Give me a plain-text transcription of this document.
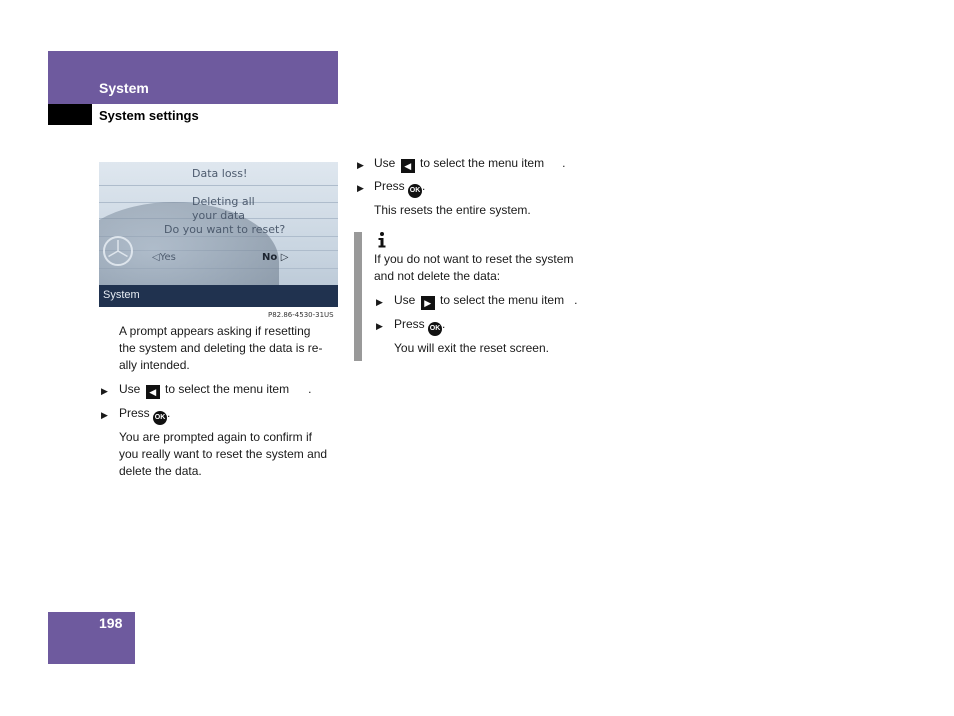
System
System settings
Data loss!
Deleting all
your data
Do you want to reset?
◁Yes	No ▷
System
P82.86-4530-31US
A prompt appears asking if resetting
the system and deleting the data is re-
ally intended.
▶ Use ◀ to select the menu item .
▶ Press OK .
You are prompted again to confirm if
you really want to reset the system and
delete the data.
▶ Use ◀ to select the menu item .
▶ Press OK .
This resets the entire system.
If you do not want to reset the system
and not delete the data:
▶ Use ▶ to select the menu item .
▶ Press OK .
You will exit the reset screen.
198
